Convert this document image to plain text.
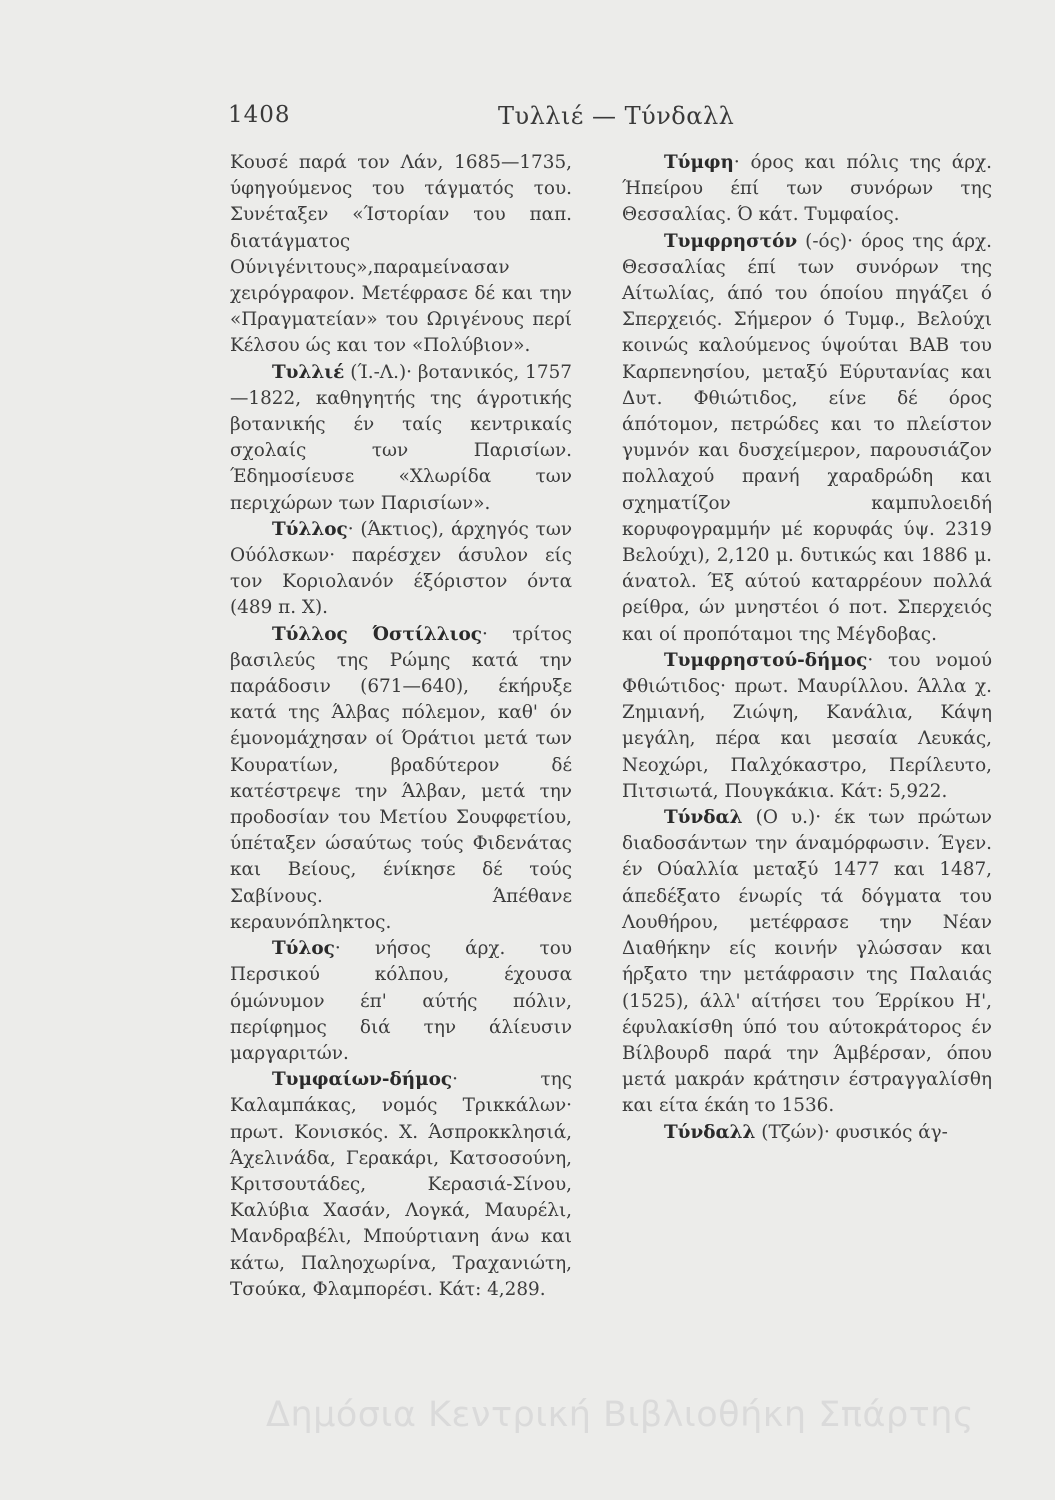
1408	Τυλλιέ — Τύνδαλλ

Κουσέ παρά τον Λάν, 1685—1735, ύφηγούμενος του τάγματός του. Συνέταξεν «Ίστορίαν του παπ. διατάγματος Ούνιγένιτους»,παραμείνασαν χειρόγραφον. Μετέφρασε δέ και την «Πραγματείαν» του Ωριγένους περί Κέλσου ώς και τον «Πολύβιον».

Τυλλιέ (Ί.-Λ.)· βοτανικός, 1757 —1822, καθηγητής της άγροτικής βοτανικής έν ταίς κεντρικαίς σχολαίς των Παρισίων. Έδημοσίευσε «Χλωρίδα των περιχώρων των Παρισίων».

Τύλλος· (Άκτιος), άρχηγός των Ούόλσκων· παρέσχεν άσυλον είς τον Κοριολανόν έξόριστον όντα (489 π. Χ).

Τύλλος Όστίλλιος· τρίτος βασιλεύς της Ρώμης κατά την παράδοσιν (671—640), έκήρυξε κατά της Άλβας πόλεμον, καθ' όν έμονομάχησαν οί Όράτιοι μετά των Κουρατίων, βραδύτερον δέ κατέστρεψε την Άλβαν, μετά την προδοσίαν του Μετίου Σουφφετίου, ύπέταξεν ώσαύτως τούς Φιδενάτας και Βείους, ένίκησε δέ τούς Σαβίνους. Άπέθανε κεραυνόπληκτος.

Τύλος· νήσος άρχ. του Περσικού κόλπου, έχουσα όμώνυμον έπ' αύτής πόλιν, περίφημος διά την άλίευσιν μαργαριτών.

Τυμφαίων-δήμος· της Καλαμπάκας, νομός Τρικκάλων· πρωτ. Κονισκός. Χ. Άσπροκκλησιά, Άχελινάδα, Γερακάρι, Κατσοσούνη, Κριτσουτάδες, Κερασιά-Σίνου, Καλύβια Χασάν, Λογκά, Μαυρέλι, Μανδραβέλι, Μπούρτιανη άνω και κάτω, Παληοχωρίνα, Τραχανιώτη, Τσούκα, Φλαμπορέσι. Κάτ: 4,289.

Τύμφη· όρος και πόλις της άρχ. Ήπείρου έπί των συνόρων της Θεσσαλίας. Ό κάτ. Τυμφαίος.

Τυμφρηστόν (-ός)· όρος της άρχ. Θεσσαλίας έπί των συνόρων της Αίτωλίας, άπό του όποίου πηγάζει ό Σπερχειός. Σήμερον ό Τυμφ., Βελούχι κοινώς καλούμενος ύψούται ΒΑΒ του Καρπενησίου, μεταξύ Εύρυτανίας και Δυτ. Φθιώτιδος, είνε δέ όρος άπότομον, πετρώδες και το πλείστον γυμνόν και δυσχείμερον, παρουσιάζον πολλαχού πρανή χαραδρώδη και σχηματίζον καμπυλοειδή κορυφογραμμήν μέ κορυφάς ύψ. 2319 Βελούχι), 2,120 μ. δυτικώς και 1886 μ. άνατολ. Έξ αύτού καταρρέουν πολλά ρείθρα, ών μνηστέοι ό ποτ. Σπερχειός και οί προπόταμοι της Μέγδοβας.

Τυμφρηστού-δήμος· του νομού Φθιώτιδος· πρωτ. Μαυρίλλου. Άλλα χ. Ζημιανή, Ζιώψη, Κανάλια, Κάψη μεγάλη, πέρα και μεσαία Λευκάς, Νεοχώρι, Παλχόκαστρο, Περίλευτο, Πιτσιωτά, Πουγκάκια. Κάτ: 5,922.

Τύνδαλ (Ο υ.)· έκ των πρώτων διαδοσάντων την άναμόρφωσιν. Έγεν. έν Ούαλλία μεταξύ 1477 και 1487, άπεδέξατο ένωρίς τά δόγματα του Λουθήρου, μετέφρασε την Νέαν Διαθήκην είς κοινήν γλώσσαν και ήρξατο την μετάφρασιν της Παλαιάς (1525), άλλ' αίτήσει του Έρρίκου Η', έφυλακίσθη ύπό του αύτοκράτορος έν Βίλβουρδ παρά την Άμβέρσαν, όπου μετά μακράν κράτησιν έστραγγαλίσθη και είτα έκάη το 1536.

Τύνδαλλ (Τζών)· φυσικός άγ-

Δημόσια Κεντρική Βιβλιοθήκη Σπάρτης
